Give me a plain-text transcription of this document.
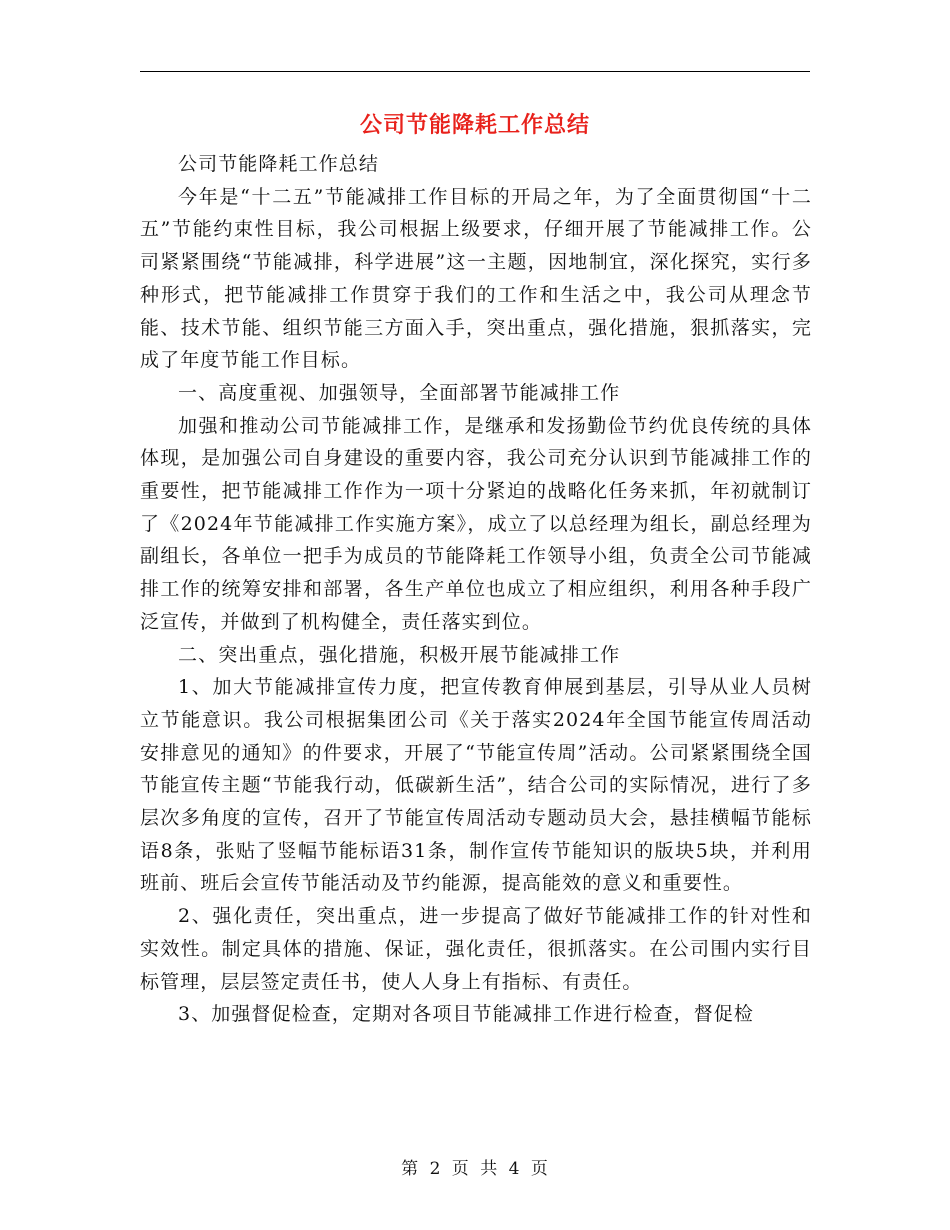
公司节能降耗工作总结

公司节能降耗工作总结

今年是“十二五”节能减排工作目标的开局之年，为了全面贯彻国“十二五”节能约束性目标，我公司根据上级要求，仔细开展了节能减排工作。公司紧紧围绕“节能减排，科学进展”这一主题，因地制宜，深化探究，实行多种形式，把节能减排工作贯穿于我们的工作和生活之中，我公司从理念节能、技术节能、组织节能三方面入手，突出重点，强化措施，狠抓落实，完成了年度节能工作目标。

一、高度重视、加强领导，全面部署节能减排工作

加强和推动公司节能减排工作，是继承和发扬勤俭节约优良传统的具体体现，是加强公司自身建设的重要内容，我公司充分认识到节能减排工作的重要性，把节能减排工作作为一项十分紧迫的战略化任务来抓，年初就制订了《2024年节能减排工作实施方案》，成立了以总经理为组长，副总经理为副组长，各单位一把手为成员的节能降耗工作领导小组，负责全公司节能减排工作的统筹安排和部署，各生产单位也成立了相应组织，利用各种手段广泛宣传，并做到了机构健全，责任落实到位。

二、突出重点，强化措施，积极开展节能减排工作

1、加大节能减排宣传力度，把宣传教育伸展到基层，引导从业人员树立节能意识。我公司根据集团公司《关于落实2024年全国节能宣传周活动安排意见的通知》的件要求，开展了“节能宣传周”活动。公司紧紧围绕全国节能宣传主题“节能我行动，低碳新生活”，结合公司的实际情况，进行了多层次多角度的宣传，召开了节能宣传周活动专题动员大会，悬挂横幅节能标语8条，张贴了竖幅节能标语31条，制作宣传节能知识的版块5块，并利用班前、班后会宣传节能活动及节约能源，提高能效的意义和重要性。

2、强化责任，突出重点，进一步提高了做好节能减排工作的针对性和实效性。制定具体的措施、保证，强化责任，很抓落实。在公司围内实行目标管理，层层签定责任书，使人人身上有指标、有责任。

3、加强督促检查，定期对各项目节能减排工作进行检查，督促检

第 2 页 共 4 页
